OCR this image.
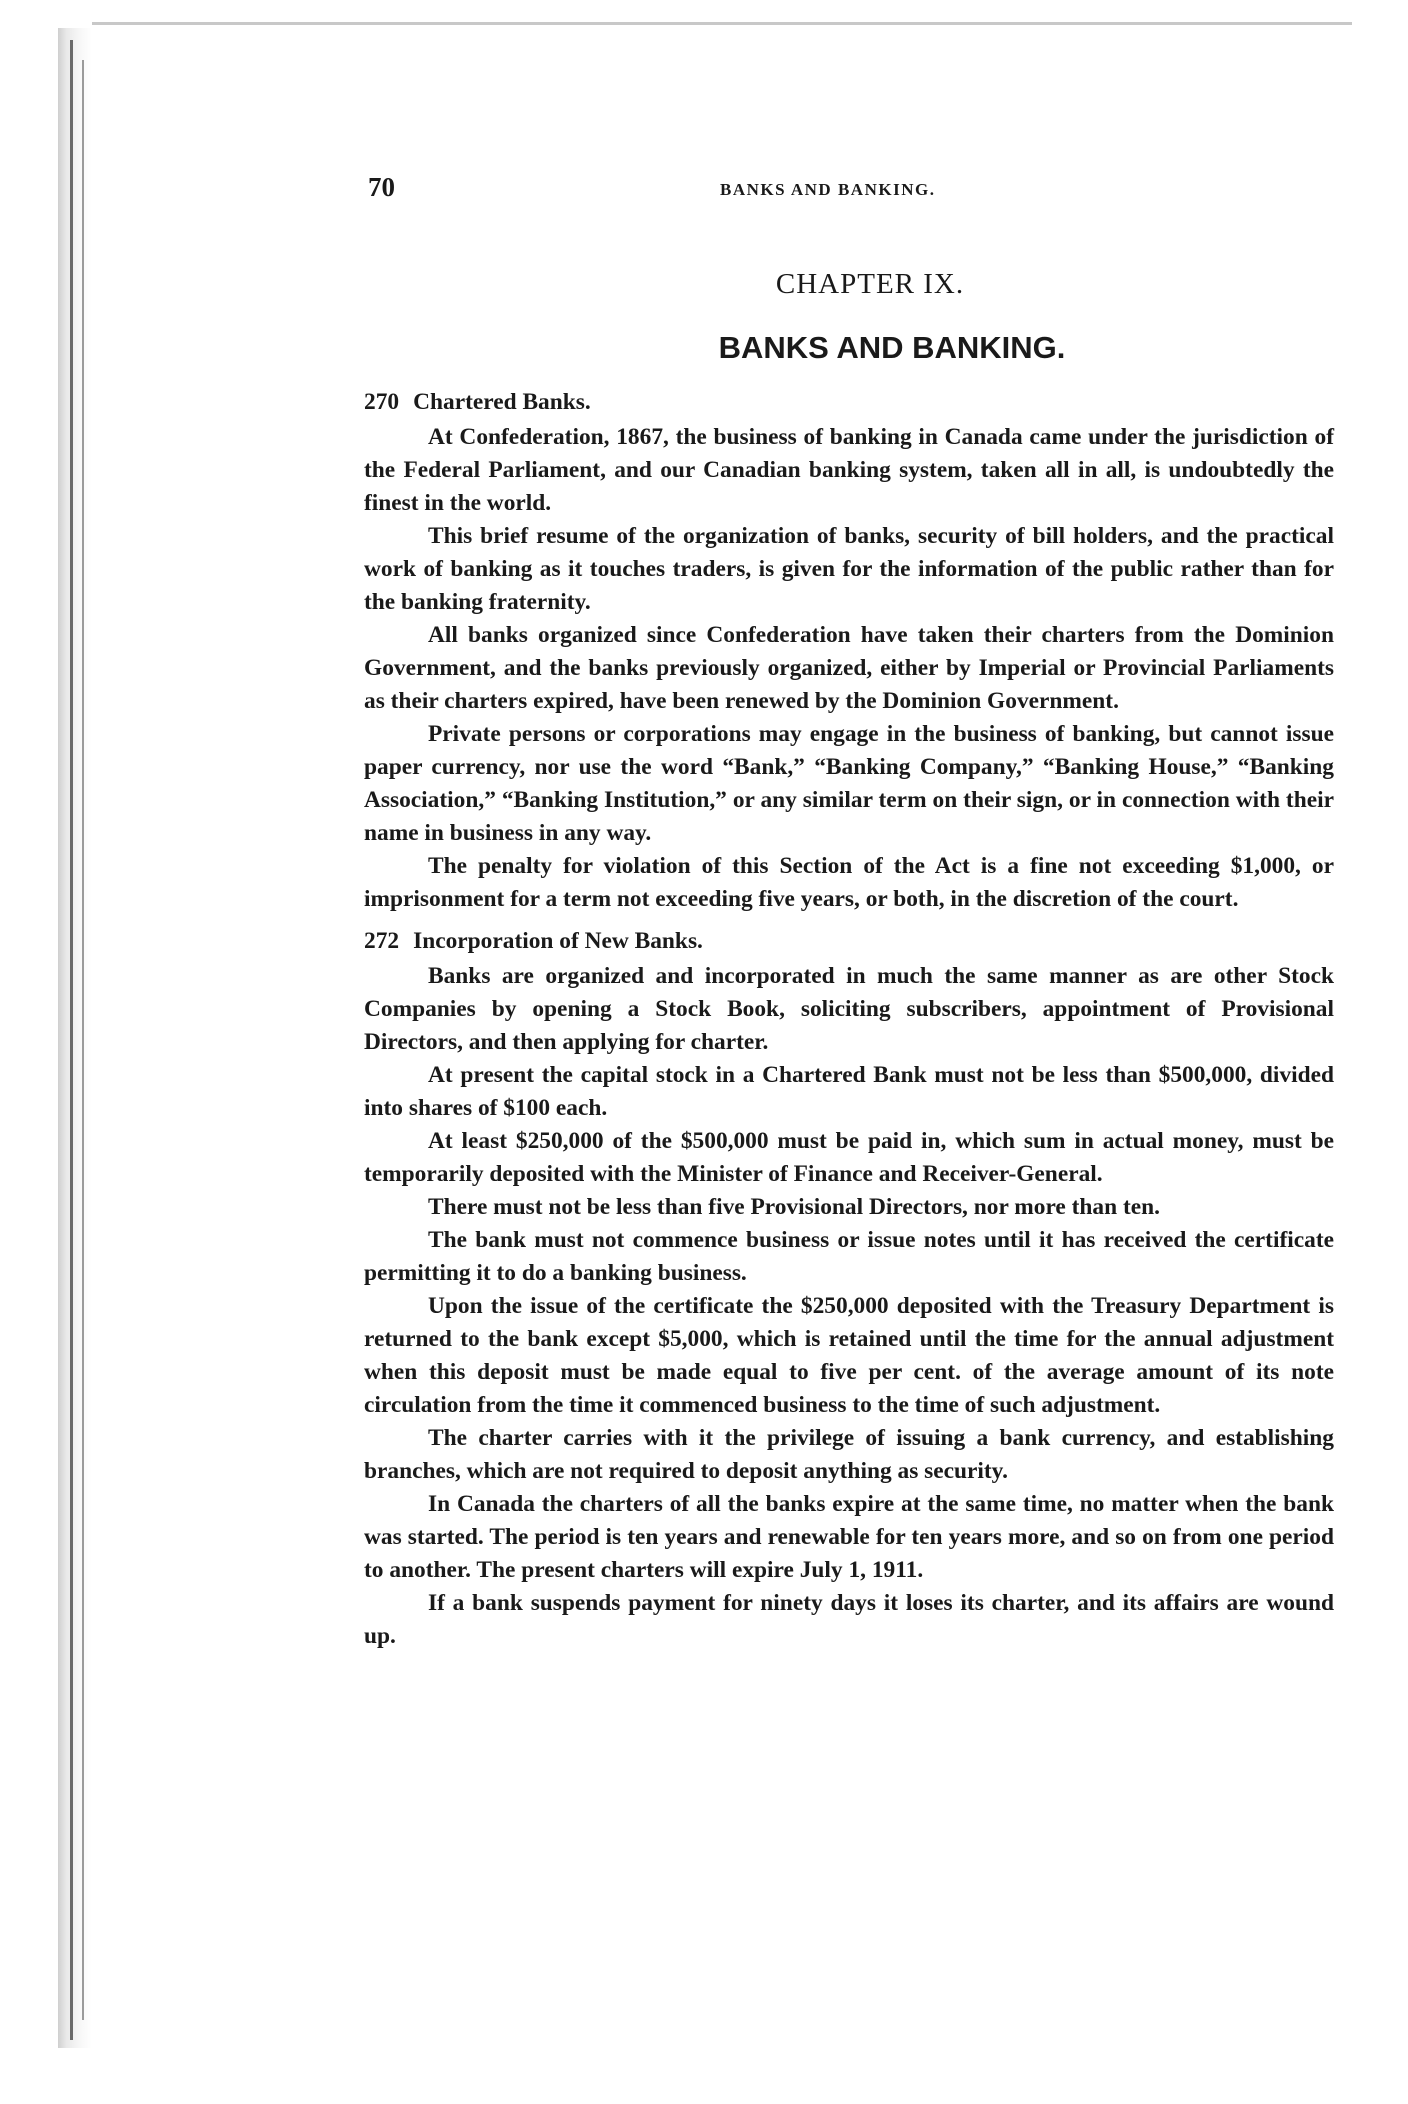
70	BANKS AND BANKING.
CHAPTER IX.
BANKS AND BANKING.

270 Chartered Banks.

At Confederation, 1867, the business of banking in Canada came under the jurisdiction of the Federal Parliament, and our Canadian banking system, taken all in all, is undoubtedly the finest in the world.

This brief resume of the organization of banks, security of bill holders, and the practical work of banking as it touches traders, is given for the information of the public rather than for the banking fraternity.

All banks organized since Confederation have taken their charters from the Dominion Government, and the banks previously organized, either by Imperial or Provincial Parliaments as their charters expired, have been renewed by the Dominion Government.

Private persons or corporations may engage in the business of banking, but cannot issue paper currency, nor use the word “Bank,” “Banking Company,” “Banking House,” “Banking Association,” “Banking Institution,” or any similar term on their sign, or in connection with their name in business in any way.

The penalty for violation of this Section of the Act is a fine not exceeding $1,000, or imprisonment for a term not exceeding five years, or both, in the discretion of the court.

272 Incorporation of New Banks.

Banks are organized and incorporated in much the same manner as are other Stock Companies by opening a Stock Book, soliciting subscribers, appointment of Provisional Directors, and then applying for charter.

At present the capital stock in a Chartered Bank must not be less than $500,000, divided into shares of $100 each.

At least $250,000 of the $500,000 must be paid in, which sum in actual money, must be temporarily deposited with the Minister of Finance and Receiver-General.

There must not be less than five Provisional Directors, nor more than ten.

The bank must not commence business or issue notes until it has received the certificate permitting it to do a banking business.

Upon the issue of the certificate the $250,000 deposited with the Treasury Department is returned to the bank except $5,000, which is retained until the time for the annual adjustment when this deposit must be made equal to five per cent. of the average amount of its note circulation from the time it commenced business to the time of such adjustment.

The charter carries with it the privilege of issuing a bank currency, and establishing branches, which are not required to deposit anything as security.

In Canada the charters of all the banks expire at the same time, no matter when the bank was started. The period is ten years and renewable for ten years more, and so on from one period to another. The present charters will expire July 1, 1911.

If a bank suspends payment for ninety days it loses its charter, and its affairs are wound up.
